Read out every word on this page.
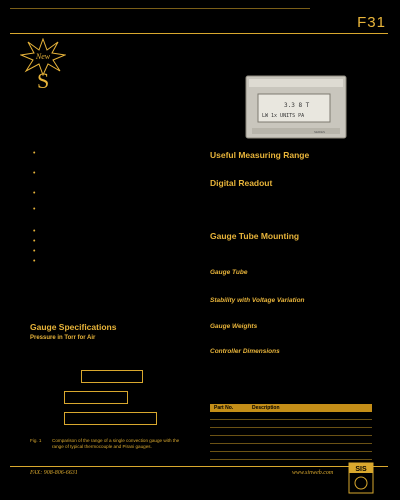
F31
New
S
3.3 8 T
LW 1x UNITS PA
SERIES
•
•
•
•
•
•
•
•
Useful Measuring Range
Digital Readout
Gauge Tube Mounting
Gauge Tube
Stability with Voltage Variation
Gauge Weights
Controller Dimensions
Gauge Specifications
Pressure in Torr for Air
Fig. 1 Comparison of the range of a single convection gauge with the range of typical thermocouple and Pirani gauges.
Part No.	Description
FAX: 908-806-6631	www.sinweb.com	SIS
